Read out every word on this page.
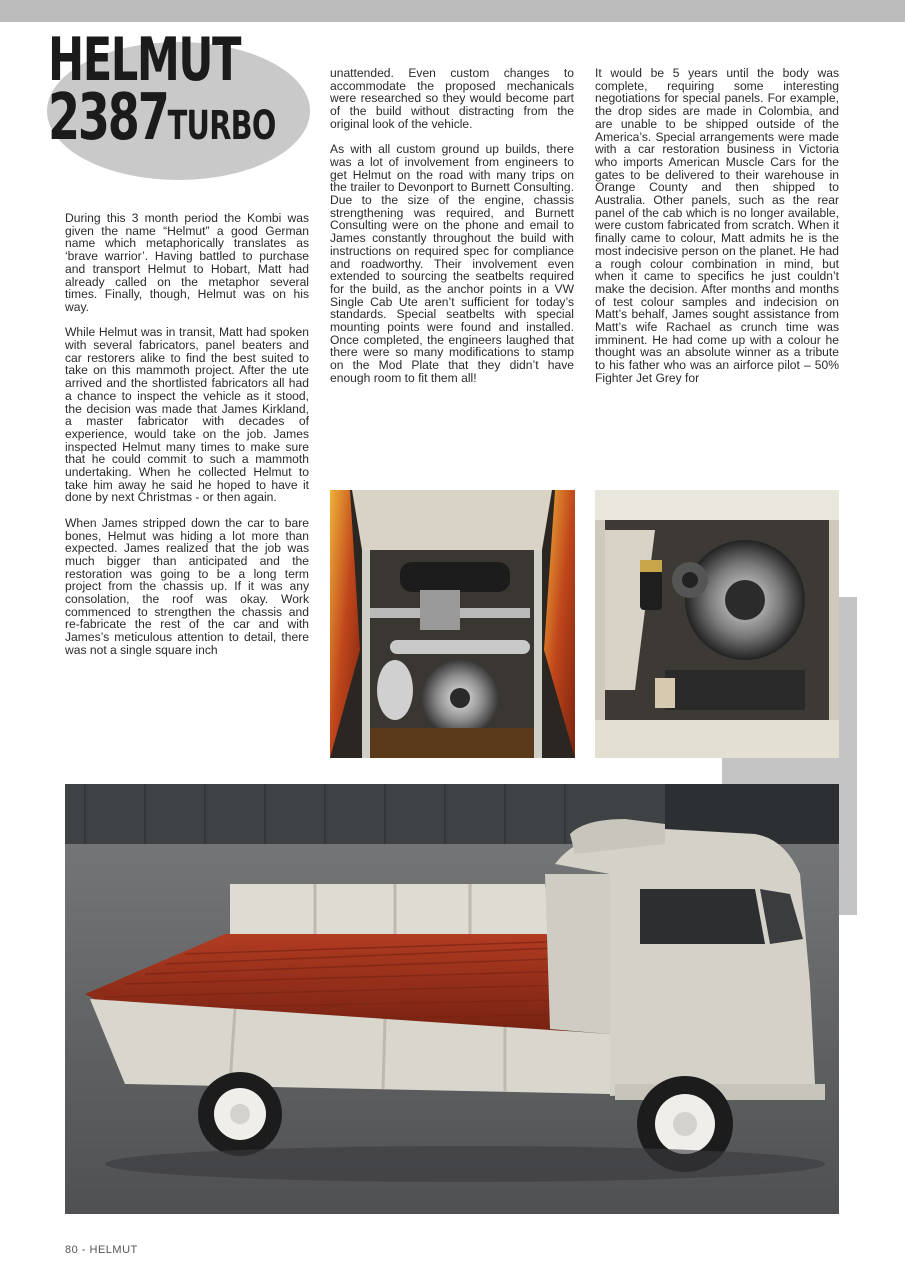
HELMUT
2387TURBO

During this 3 month period the Kombi was given the name “Helmut” a good German name which metaphorically translates as ‘brave warrior’. Having battled to purchase and transport Helmut to Hobart, Matt had already called on the metaphor several times. Finally, though, Helmut was on his way.

While Helmut was in transit, Matt had spoken with several fabricators, panel beaters and car restorers alike to find the best suited to take on this mammoth project. After the ute arrived and the shortlisted fabricators all had a chance to inspect the vehicle as it stood, the decision was made that James Kirkland, a master fabricator with decades of experience, would take on the job. James inspected Helmut many times to make sure that he could commit to such a mammoth undertaking. When he collected Helmut to take him away he said he hoped to have it done by next Christmas - or then again.

When James stripped down the car to bare bones, Helmut was hiding a lot more than expected. James realized that the job was much bigger than anticipated and the restoration was going to be a long term project from the chassis up. If it was any consolation, the roof was okay. Work commenced to strengthen the chassis and re-fabricate the rest of the car and with James’s meticulous attention to detail, there was not a single square inch

unattended. Even custom changes to accommodate the proposed mechanicals were researched so they would become part of the build without distracting from the original look of the vehicle.

As with all custom ground up builds, there was a lot of involvement from engineers to get Helmut on the road with many trips on the trailer to Devonport to Burnett Consulting. Due to the size of the engine, chassis strengthening was required, and Burnett Consulting were on the phone and email to James constantly throughout the build with instructions on required spec for compliance and roadworthy. Their involvement even extended to sourcing the seatbelts required for the build, as the anchor points in a VW Single Cab Ute aren’t sufficient for today’s standards. Special seatbelts with special mounting points were found and installed. Once completed, the engineers laughed that there were so many modifications to stamp on the Mod Plate that they didn’t have enough room to fit them all!

It would be 5 years until the body was complete, requiring some interesting negotiations for special panels. For example, the drop sides are made in Colombia, and are unable to be shipped outside of the America’s. Special arrangements were made with a car restoration business in Victoria who imports American Muscle Cars for the gates to be delivered to their warehouse in Orange County and then shipped to Australia. Other panels, such as the rear panel of the cab which is no longer available, were custom fabricated from scratch. When it finally came to colour, Matt admits he is the most indecisive person on the planet. He had a rough colour combination in mind, but when it came to specifics he just couldn’t make the decision. After months and months of test colour samples and indecision on Matt’s behalf, James sought assistance from Matt’s wife Rachael as crunch time was imminent. He had come up with a colour he thought was an absolute winner as a tribute to his father who was an airforce pilot – 50% Fighter Jet Grey for

80 - HELMUT
